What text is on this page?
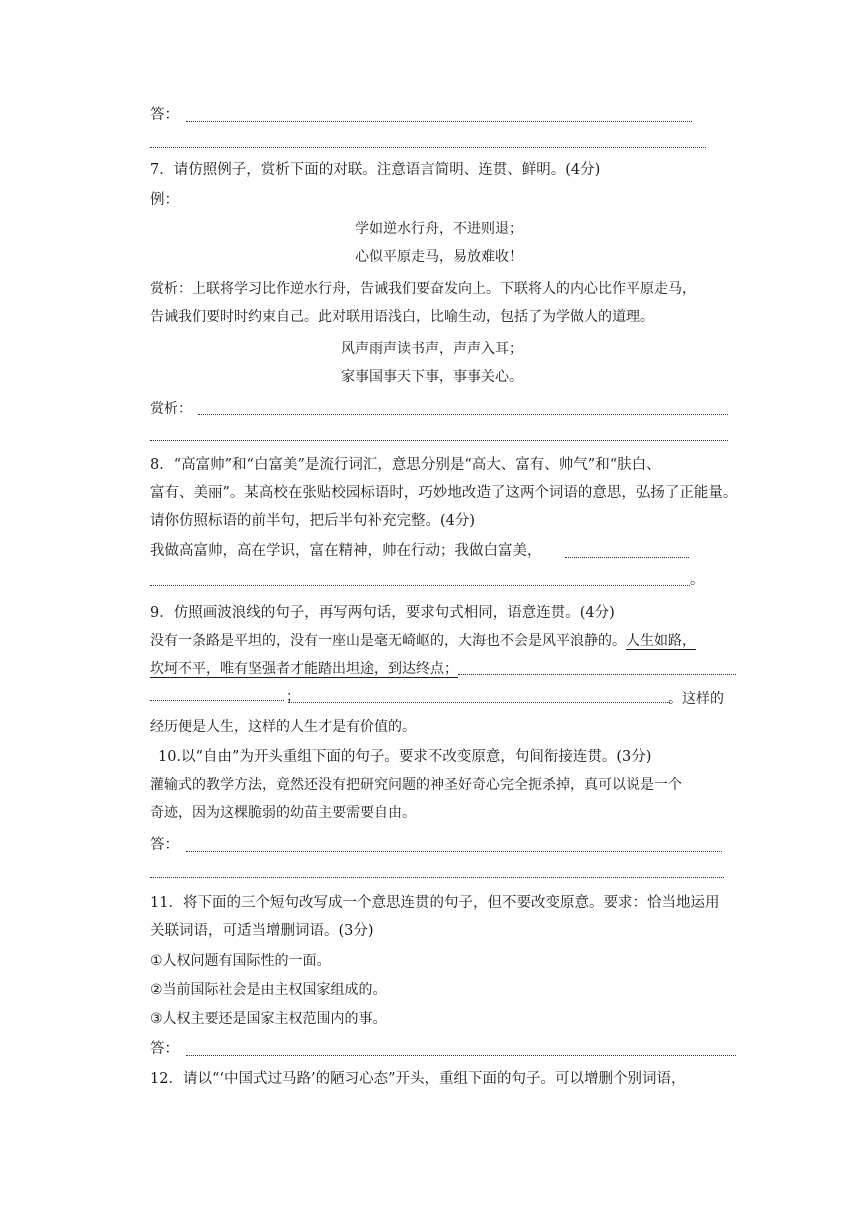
答：
7．请仿照例子，赏析下面的对联。注意语言简明、连贯、鲜明。(4分)
例：
学如逆水行舟，不进则退；
心似平原走马，易放难收！
赏析：上联将学习比作逆水行舟，告诫我们要奋发向上。下联将人的内心比作平原走马，
告诫我们要时时约束自己。此对联用语浅白，比喻生动，包括了为学做人的道理。
风声雨声读书声，声声入耳；
家事国事天下事，事事关心。
赏析：
8．“高富帅”和“白富美”是流行词汇，意思分别是“高大、富有、帅气”和“肤白、
富有、美丽”。某高校在张贴校园标语时，巧妙地改造了这两个词语的意思，弘扬了正能量。
请你仿照标语的前半句，把后半句补充完整。(4分)
我做高富帅，高在学识，富在精神，帅在行动；我做白富美，
。
9．仿照画波浪线的句子，再写两句话，要求句式相同，语意连贯。(4分)
没有一条路是平坦的，没有一座山是毫无崎岖的，大海也不会是风平浪静的。人生如路，
坎坷不平，唯有坚强者才能踏出坦途，到达终点；
；	。这样的
经历便是人生，这样的人生才是有价值的。
10.以“自由”为开头重组下面的句子。要求不改变原意，句间衔接连贯。(3分)
灌输式的教学方法，竟然还没有把研究问题的神圣好奇心完全扼杀掉，真可以说是一个
奇迹，因为这棵脆弱的幼苗主要需要自由。
答：
11．将下面的三个短句改写成一个意思连贯的句子，但不要改变原意。要求：恰当地运用
关联词语，可适当增删词语。(3分)
①人权问题有国际性的一面。
②当前国际社会是由主权国家组成的。
③人权主要还是国家主权范围内的事。
答：
12．请以“‘中国式过马路’的陋习心态”开头，重组下面的句子。可以增删个别词语，
